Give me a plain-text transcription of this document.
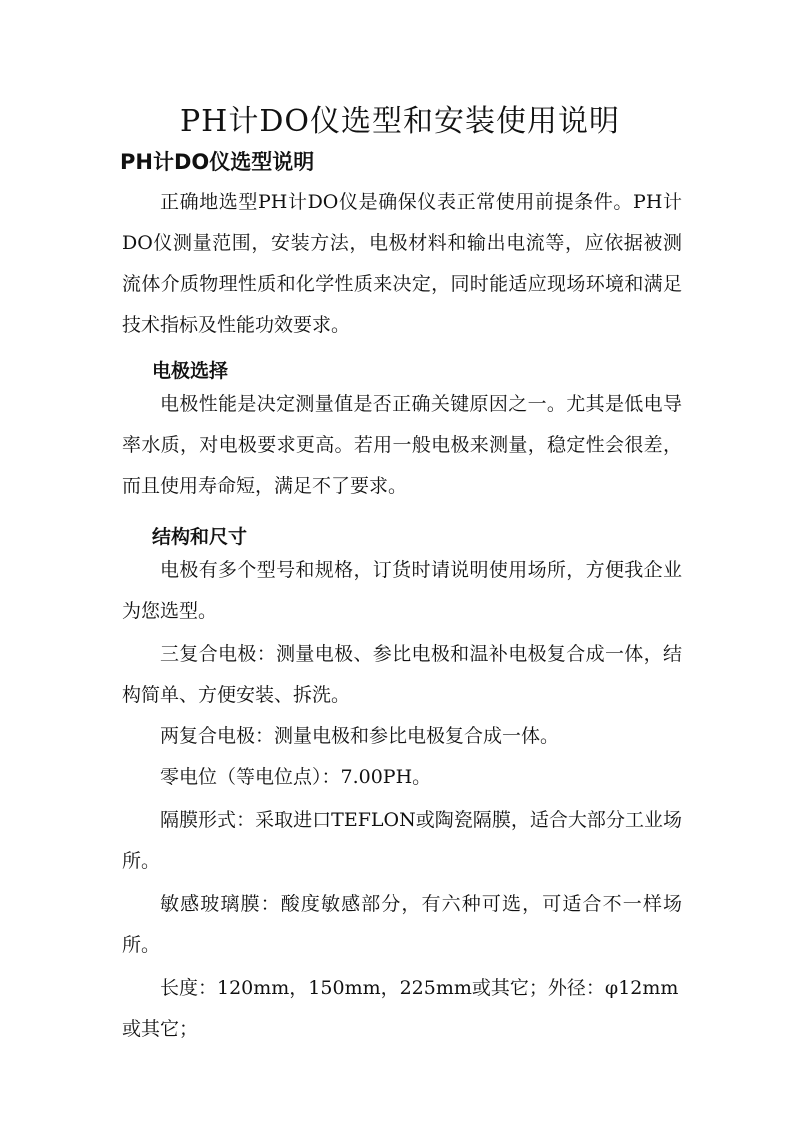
PH计DO仪选型和安装使用说明
PH计DO仪选型说明
正确地选型PH计DO仪是确保仪表正常使用前提条件。PH计DO仪测量范围，安装方法，电极材料和输出电流等，应依据被测流体介质物理性质和化学性质来决定，同时能适应现场环境和满足技术指标及性能功效要求。
电极选择
电极性能是决定测量值是否正确关键原因之一。尤其是低电导率水质，对电极要求更高。若用一般电极来测量，稳定性会很差，而且使用寿命短，满足不了要求。
结构和尺寸
电极有多个型号和规格，订货时请说明使用场所，方便我企业为您选型。
三复合电极：测量电极、参比电极和温补电极复合成一体，结构简单、方便安装、拆洗。
两复合电极：测量电极和参比电极复合成一体。
零电位（等电位点）：7.00PH。
隔膜形式：采取进口TEFLON或陶瓷隔膜，适合大部分工业场所。
敏感玻璃膜：酸度敏感部分，有六种可选，可适合不一样场所。
长度：120mm，150mm，225mm或其它；外径：φ12mm或其它；
